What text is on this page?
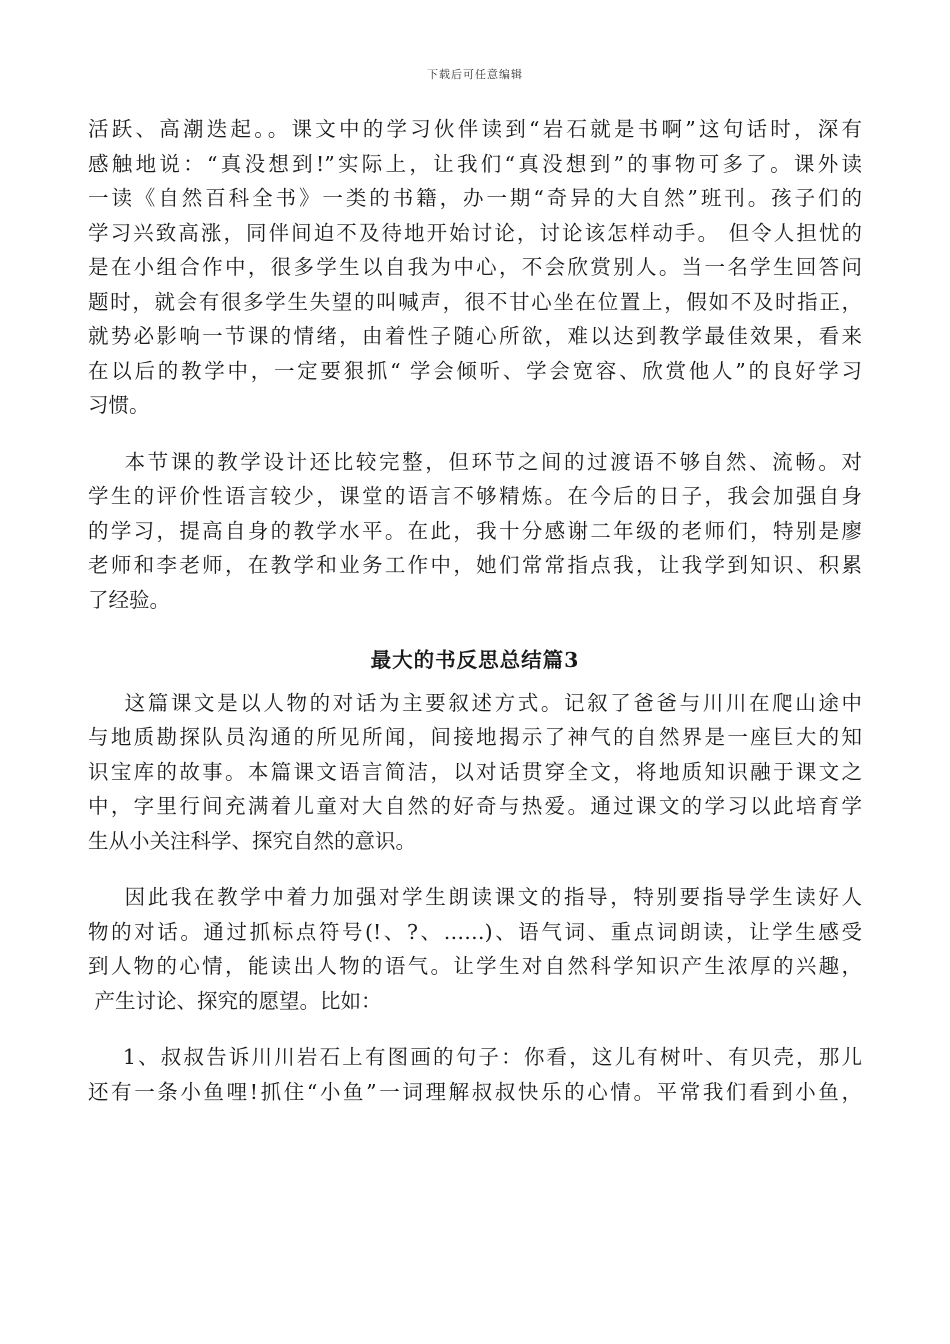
下载后可任意编辑
活跃、高潮迭起。。课文中的学习伙伴读到“岩石就是书啊”这句话时，深有
感触地说：“真没想到!”实际上，让我们“真没想到”的事物可多了。课外读
一读《自然百科全书》一类的书籍，办一期“奇异的大自然”班刊。孩子们的
学习兴致高涨，同伴间迫不及待地开始讨论，讨论该怎样动手。 但令人担忧的
是在小组合作中，很多学生以自我为中心，不会欣赏别人。当一名学生回答问
题时，就会有很多学生失望的叫喊声，很不甘心坐在位置上，假如不及时指正，
就势必影响一节课的情绪，由着性子随心所欲，难以达到教学最佳效果，看来
在以后的教学中，一定要狠抓“ 学会倾听、学会宽容、欣赏他人”的良好学习
习惯。
本节课的教学设计还比较完整，但环节之间的过渡语不够自然、流畅。对
学生的评价性语言较少，课堂的语言不够精炼。在今后的日子，我会加强自身
的学习，提高自身的教学水平。在此，我十分感谢二年级的老师们，特别是廖
老师和李老师，在教学和业务工作中，她们常常指点我，让我学到知识、积累
了经验。
最大的书反思总结篇3
这篇课文是以人物的对话为主要叙述方式。记叙了爸爸与川川在爬山途中
与地质勘探队员沟通的所见所闻，间接地揭示了神气的自然界是一座巨大的知
识宝库的故事。本篇课文语言简洁，以对话贯穿全文，将地质知识融于课文之
中，字里行间充满着儿童对大自然的好奇与热爱。通过课文的学习以此培育学
生从小关注科学、探究自然的意识。
因此我在教学中着力加强对学生朗读课文的指导，特别要指导学生读好人
物的对话。通过抓标点符号(!、?、……)、语气词、重点词朗读，让学生感受
到人物的心情，能读出人物的语气。让学生对自然科学知识产生浓厚的兴趣，
产生讨论、探究的愿望。比如：
1、叔叔告诉川川岩石上有图画的句子：你看，这儿有树叶、有贝壳，那儿
还有一条小鱼哩!抓住“小鱼”一词理解叔叔快乐的心情。平常我们看到小鱼，
